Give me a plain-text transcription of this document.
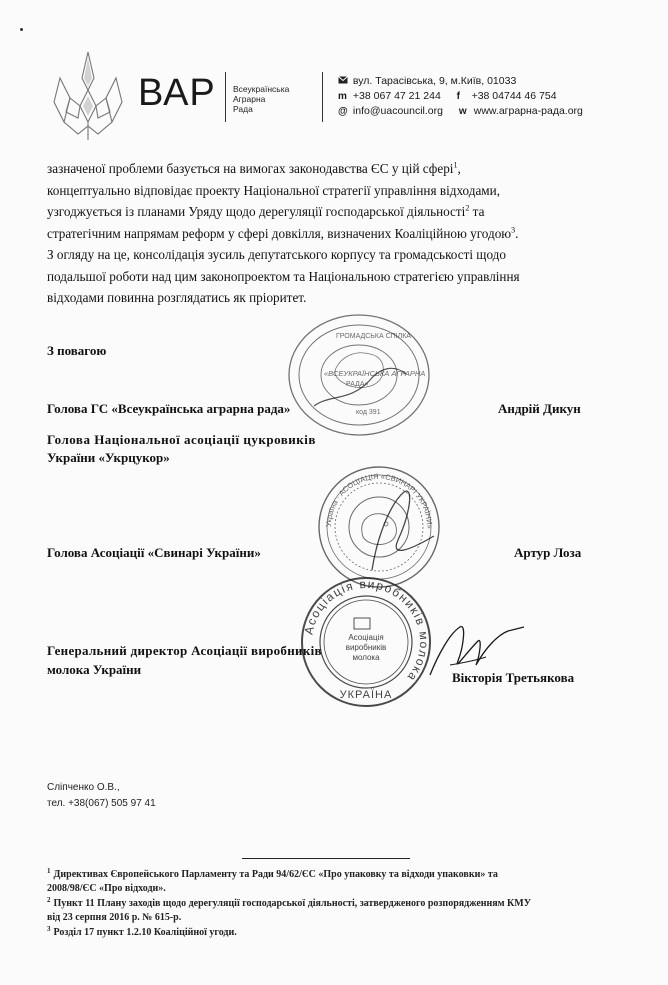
ВАР Всеукраїнська
Аграрна
Рада
вул. Тарасівська, 9, м.Київ, 01033
m +38 067 47 21 244 f +38 04744 46 754
@ info@uacouncil.org w www.аграрна-рада.org

зазначеної проблеми базується на вимогах законодавства ЄС у цій сфері$^1$,

концептуально відповідає проекту Національної стратегії управління відходами,

узгоджується із планами Уряду щодо дерегуляції господарської діяльності$^2$ та

стратегічним напрямам реформ у сфері довкілля, визначених Коаліційною угодою$^3$.

З огляду на це, консолідація зусиль депутатського корпусу та громадськості щодо

подальшої роботи над цим законопроектом та Національною стратегією управління

відходами повинна розглядатись як пріоритет.

З повагою
ГРОМАДСЬКА СПІЛКА
«ВСЕУКРАЇНСЬКА АГРАРНА
РАДА»
код 391
Голова ГС «Всеукраїнська аграрна рада»	Андрій Дикун
Голова Національної асоціації цукровиків
України «Укрцукор»
Україна · АСОЦІАЦІЯ «СВИНАРІ УКРАЇНИ»
Голова Асоціації «Свинарі України»	Артур Лоза
Асоціація виробників молока
Асоціація
виробників
молока
УКРАЇНА
Генеральний директор Асоціації виробників
молока України
Вікторія Третьякова
Сліпченко О.В.,
тел. +38(067) 505 97 41
$^1$ Директивах Європейського Парламенту та Ради 94/62/ЄС «Про упаковку та відходи упаковки» та
2008/98/ЄС «Про відходи».
$^2$ Пункт 11 Плану заходів щодо дерегуляції господарської діяльності, затвердженого розпорядженням КМУ
від 23 серпня 2016 р. № 615-р.
$^3$ Розділ 17 пункт 1.2.10 Коаліційної угоди.
